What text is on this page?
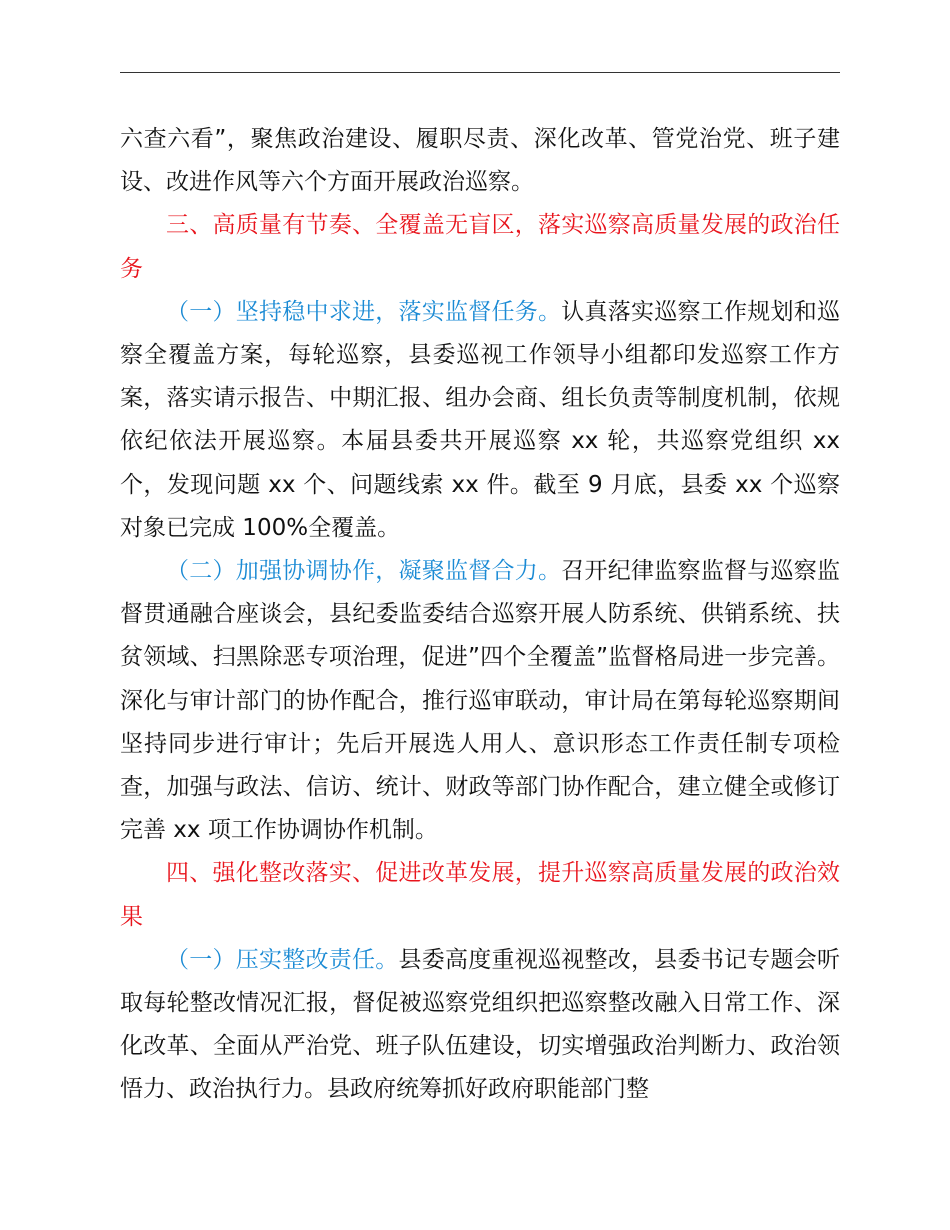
六查六看”，聚焦政治建设、履职尽责、深化改革、管党治党、班子建设、改进作风等六个方面开展政治巡察。

三、高质量有节奏、全覆盖无盲区，落实巡察高质量发展的政治任务

（一）坚持稳中求进，落实监督任务。认真落实巡察工作规划和巡察全覆盖方案，每轮巡察，县委巡视工作领导小组都印发巡察工作方案，落实请示报告、中期汇报、组办会商、组长负责等制度机制，依规依纪依法开展巡察。本届县委共开展巡察 xx 轮，共巡察党组织 xx 个，发现问题 xx 个、问题线索 xx 件。截至 9 月底，县委 xx 个巡察对象已完成 100%全覆盖。

（二）加强协调协作，凝聚监督合力。召开纪律监察监督与巡察监督贯通融合座谈会，县纪委监委结合巡察开展人防系统、供销系统、扶贫领域、扫黑除恶专项治理，促进”四个全覆盖”监督格局进一步完善。深化与审计部门的协作配合，推行巡审联动，审计局在第每轮巡察期间坚持同步进行审计；先后开展选人用人、意识形态工作责任制专项检查，加强与政法、信访、统计、财政等部门协作配合，建立健全或修订完善 xx 项工作协调协作机制。

四、强化整改落实、促进改革发展，提升巡察高质量发展的政治效果

（一）压实整改责任。县委高度重视巡视整改，县委书记专题会听取每轮整改情况汇报，督促被巡察党组织把巡察整改融入日常工作、深化改革、全面从严治党、班子队伍建设，切实增强政治判断力、政治领悟力、政治执行力。县政府统筹抓好政府职能部门整
